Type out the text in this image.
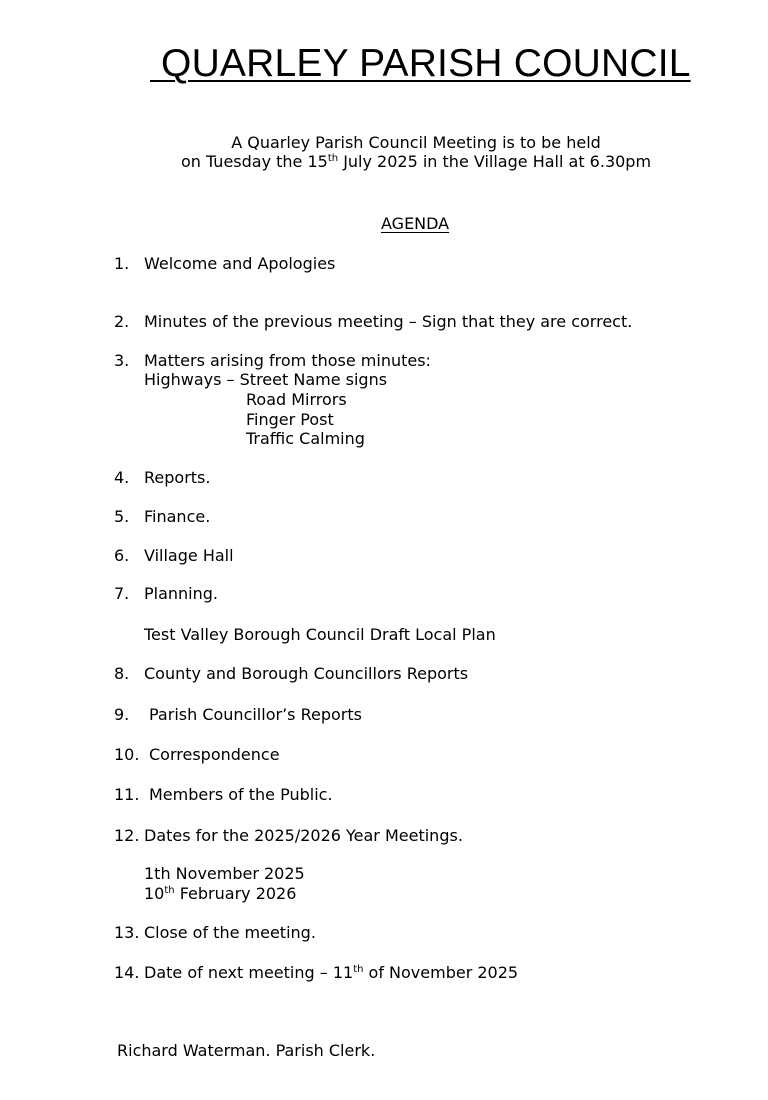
QUARLEY PARISH COUNCIL
A Quarley Parish Council Meeting is to be held
on Tuesday the 15th July 2025 in the Village Hall at 6.30pm
AGENDA
1. Welcome and Apologies
2. Minutes of the previous meeting – Sign that they are correct.
3. Matters arising from those minutes:
Highways – Street Name signs
Road Mirrors
Finger Post
Traffic Calming
4. Reports.
5. Finance.
6. Village Hall
7. Planning.
Test Valley Borough Council Draft Local Plan
8. County and Borough Councillors Reports
9. Parish Councillor’s Reports
10. Correspondence
11. Members of the Public.
12. Dates for the 2025/2026 Year Meetings.
1th November 2025
10th February 2026
13. Close of the meeting.
14. Date of next meeting – 11th of November 2025
Richard Waterman. Parish Clerk.
